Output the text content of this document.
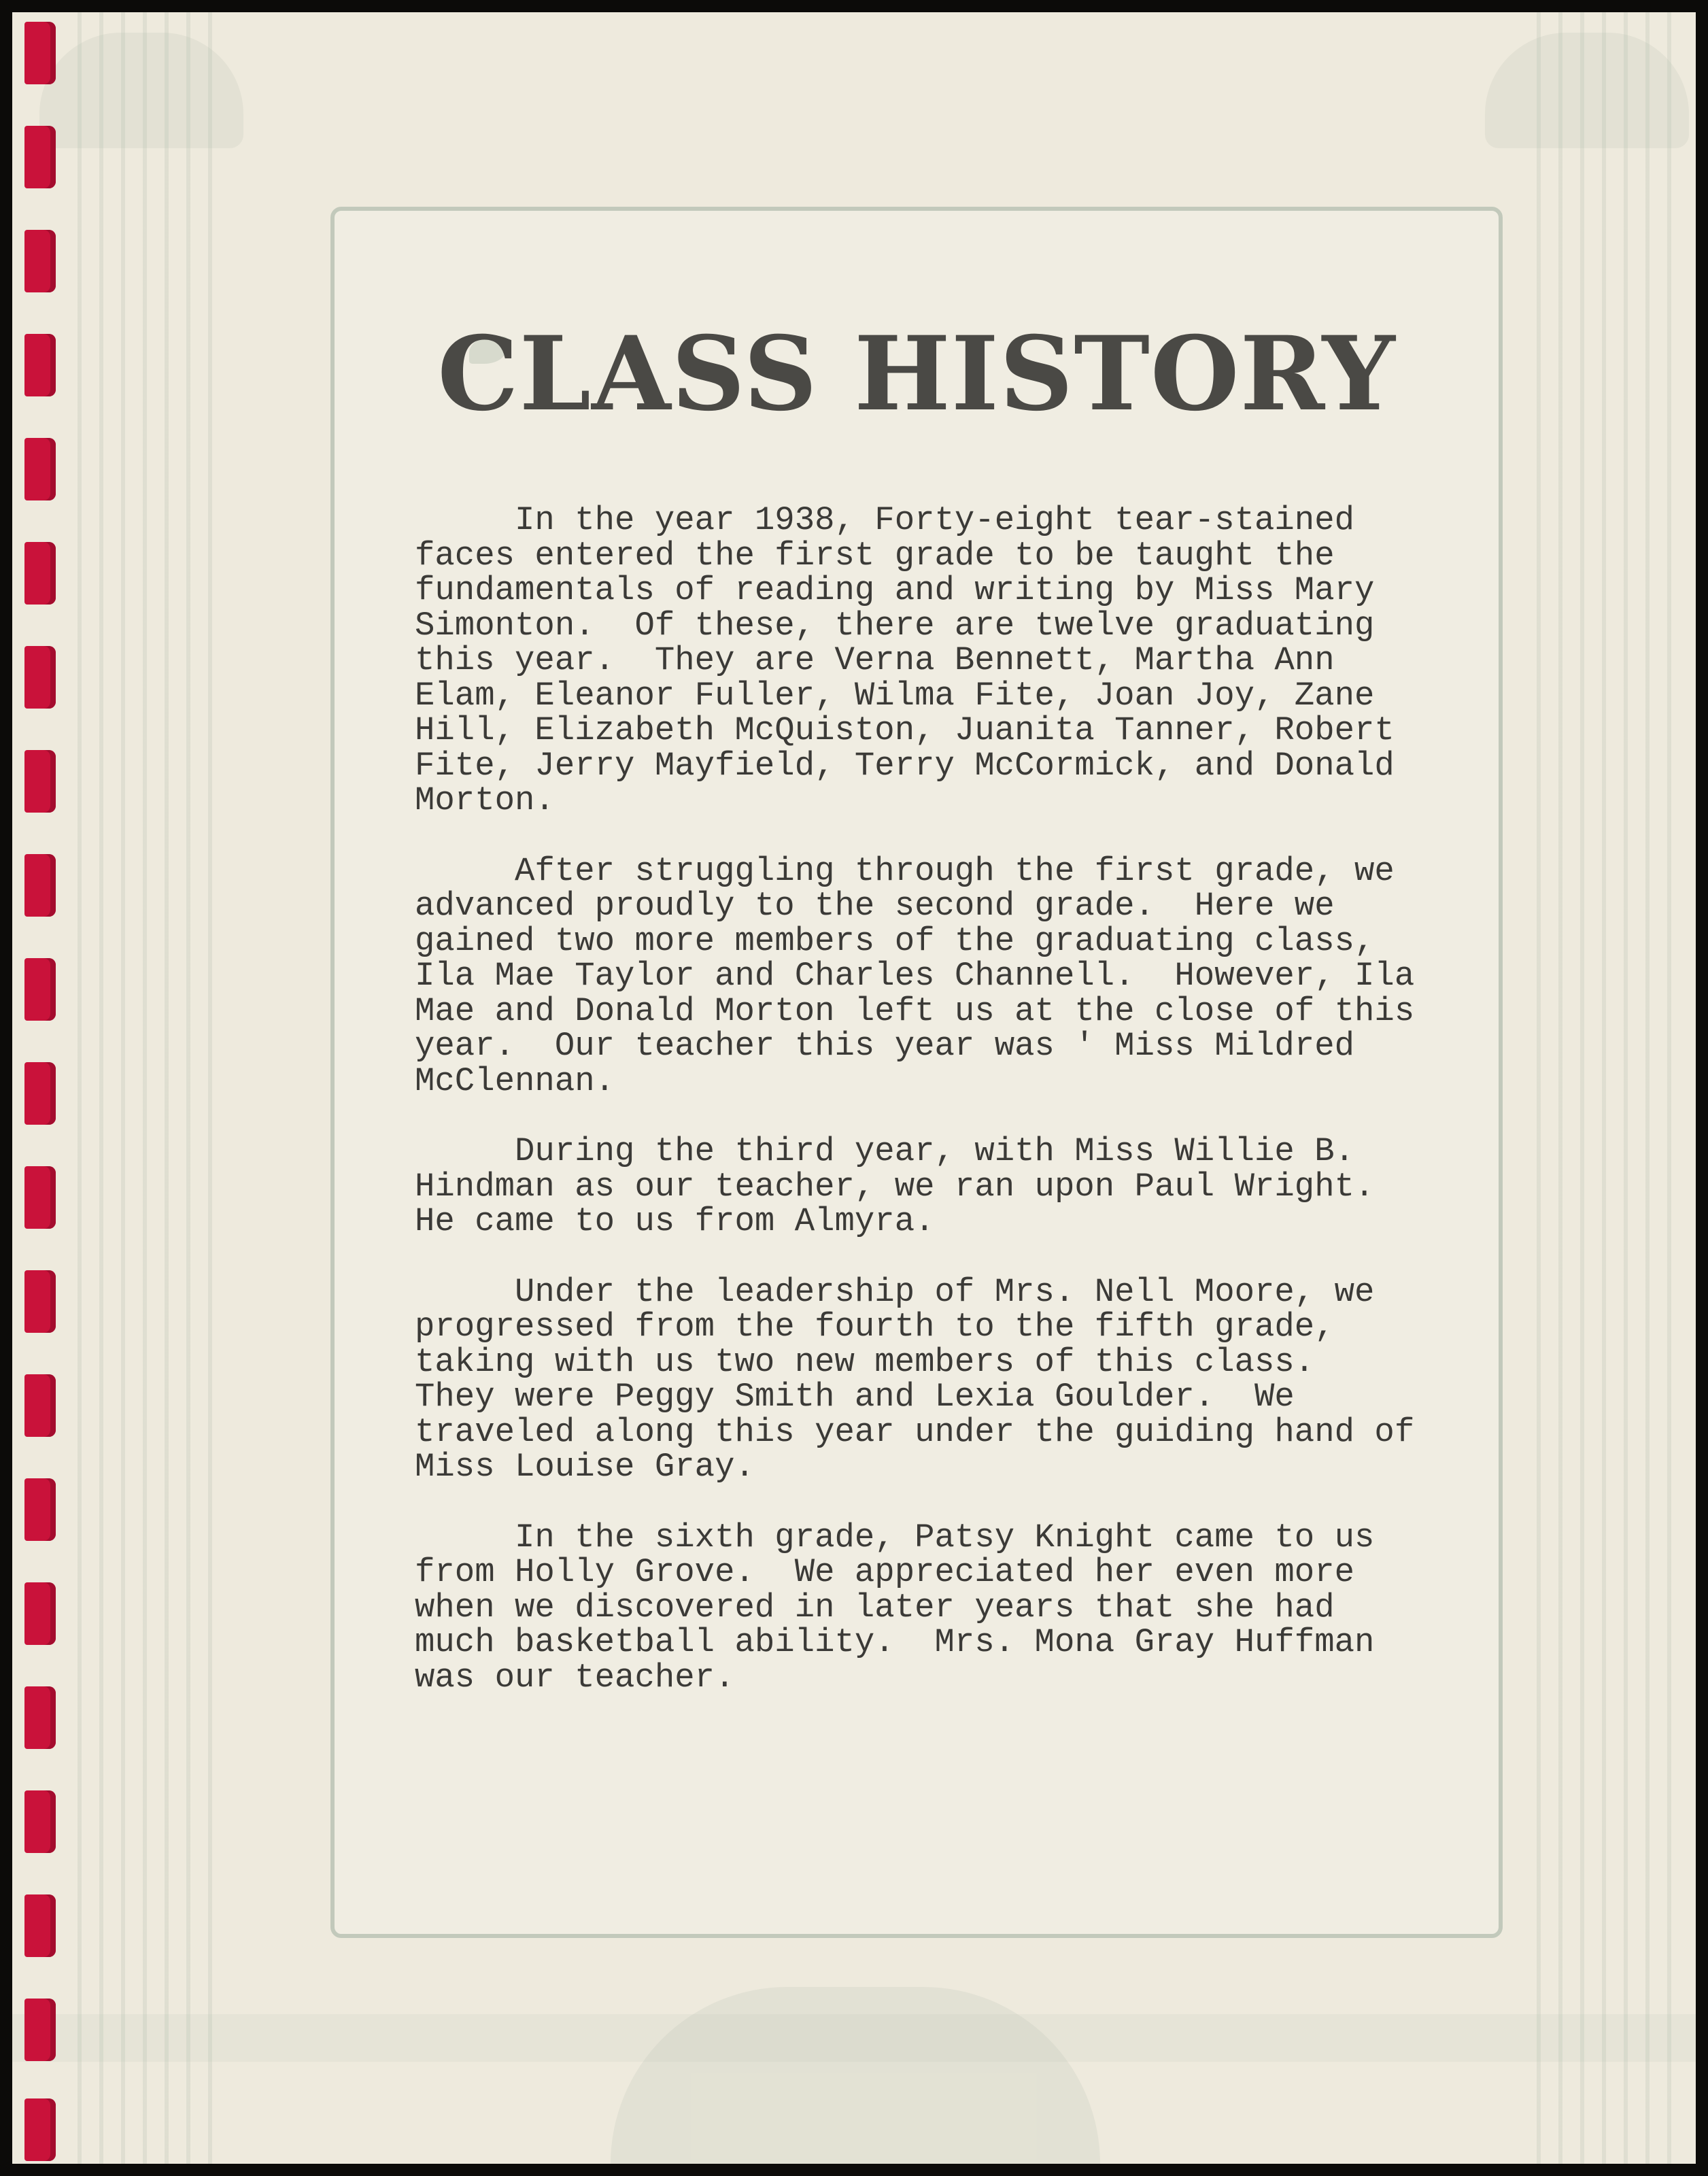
CLASS HISTORY
In the year 1938, Forty-eight tear-stained
faces entered the first grade to be taught the
fundamentals of reading and writing by Miss Mary
Simonton.  Of these, there are twelve graduating
this year.  They are Verna Bennett, Martha Ann
Elam, Eleanor Fuller, Wilma Fite, Joan Joy, Zane
Hill, Elizabeth McQuiston, Juanita Tanner, Robert
Fite, Jerry Mayfield, Terry McCormick, and Donald
Morton.
After struggling through the first grade, we
advanced proudly to the second grade.  Here we
gained two more members of the graduating class,
Ila Mae Taylor and Charles Channell.  However, Ila
Mae and Donald Morton left us at the close of this
year.  Our teacher this year was ' Miss Mildred
McClennan.
During the third year, with Miss Willie B.
Hindman as our teacher, we ran upon Paul Wright.
He came to us from Almyra.
Under the leadership of Mrs. Nell Moore, we
progressed from the fourth to the fifth grade,
taking with us two new members of this class.
They were Peggy Smith and Lexia Goulder.  We
traveled along this year under the guiding hand of
Miss Louise Gray.
In the sixth grade, Patsy Knight came to us
from Holly Grove.  We appreciated her even more
when we discovered in later years that she had
much basketball ability.  Mrs. Mona Gray Huffman
was our teacher.
